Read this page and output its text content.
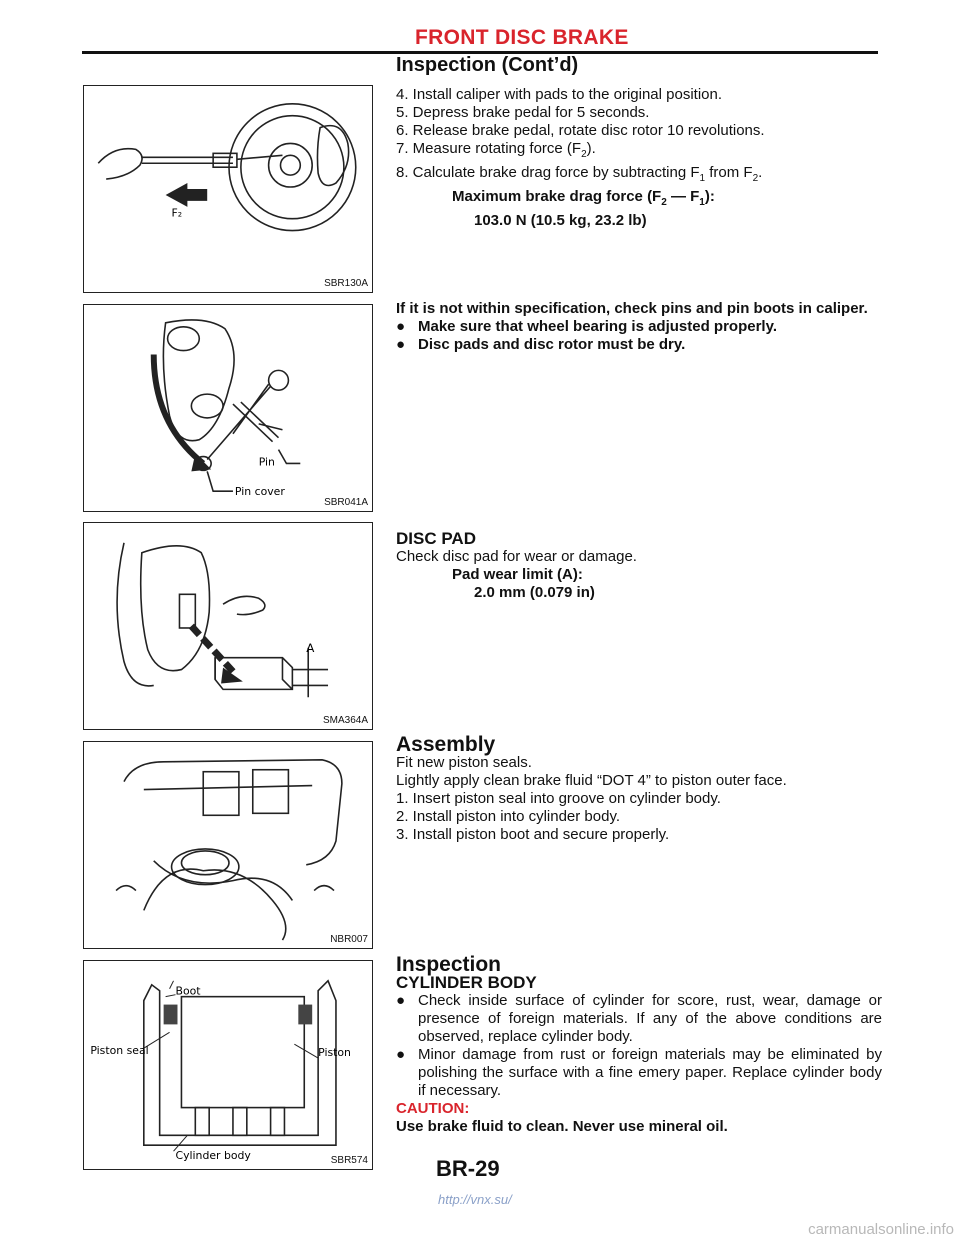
FRONT DISC BRAKE
Inspection (Cont’d)
F₂
SBR130A

4. Install caliper with pads to the original position.

5. Depress brake pedal for 5 seconds.

6. Release brake pedal, rotate disc rotor 10 revolutions.

7. Measure rotating force $(F_2)$.

8. Calculate brake drag force by subtracting $F_1$ from $F_2$.

Maximum brake drag force ($F_2$ — $F_1$):

103.0 N (10.5 kg, 23.2 lb)

Pin
Pin cover
SBR041A

If it is not within specification, check pins and pin boots in caliper.

● Make sure that wheel bearing is adjusted properly.

● Disc pads and disc rotor must be dry.

A
SMA364A

DISC PAD

Check disc pad for wear or damage.

Pad wear limit (A):

2.0 mm (0.079 in)

NBR007

Assembly

Fit new piston seals.

Lightly apply clean brake fluid “DOT 4” to piston outer face.

1. Insert piston seal into groove on cylinder body.

2. Install piston into cylinder body.

3. Install piston boot and secure properly.

Boot
Piston seal	Piston
Cylinder body	SBR574

Inspection

CYLINDER BODY

● Check inside surface of cylinder for score, rust, wear, damage or presence of foreign materials. If any of the above conditions are observed, replace cylinder body.

● Minor damage from rust or foreign materials may be eliminated by polishing the surface with a fine emery paper. Replace cylinder body if necessary.

CAUTION:

Use brake fluid to clean. Never use mineral oil.

BR-29
http://vnx.su/
carmanualsonline.info
